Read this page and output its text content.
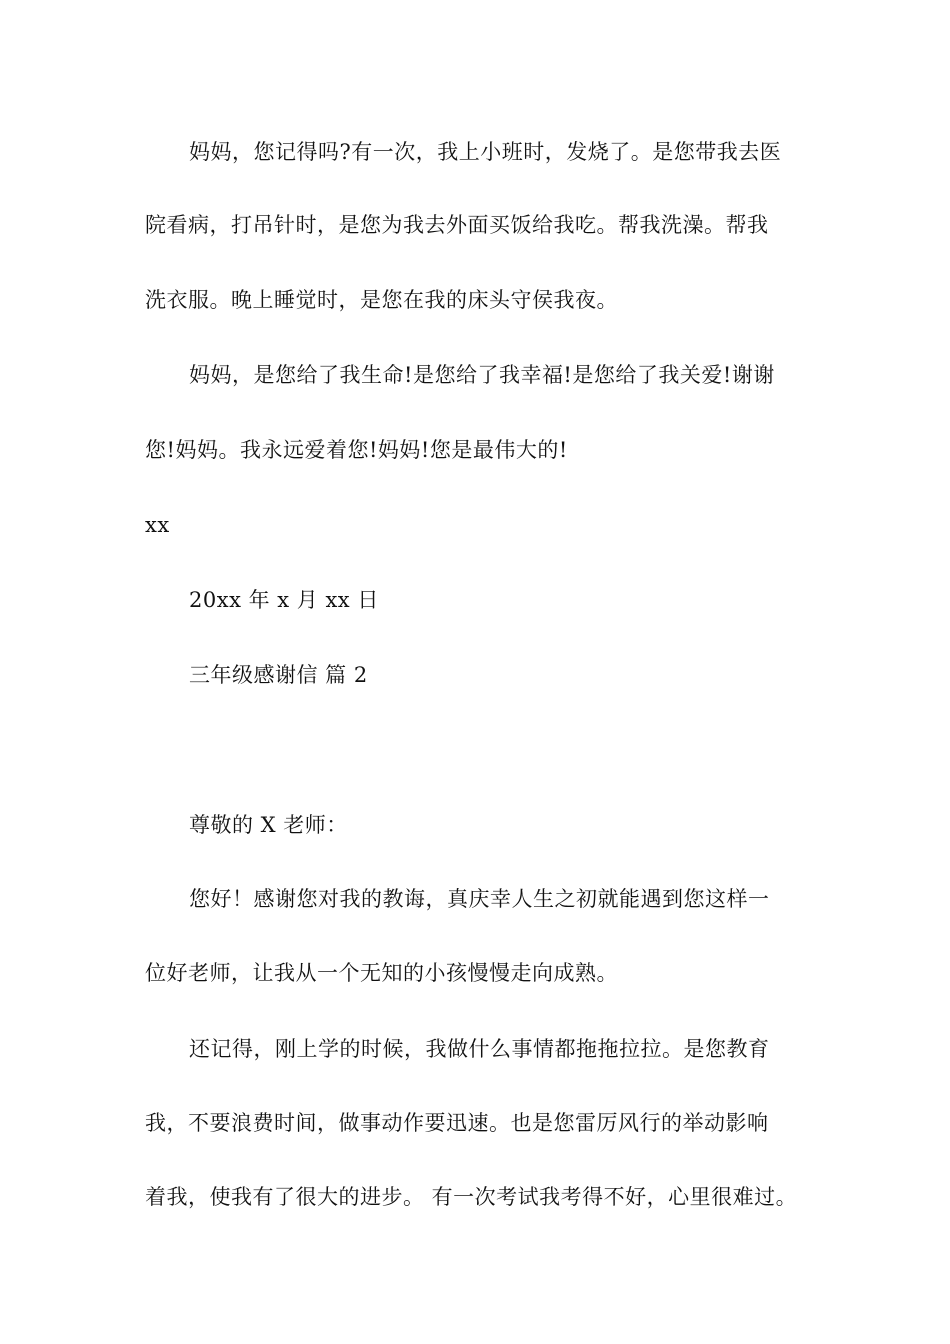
妈妈，您记得吗?有一次，我上小班时，发烧了。是您带我去医
院看病，打吊针时，是您为我去外面买饭给我吃。帮我洗澡。帮我
洗衣服。晚上睡觉时，是您在我的床头守侯我夜。
妈妈，是您给了我生命!是您给了我幸福!是您给了我关爱!谢谢
您!妈妈。我永远爱着您!妈妈!您是最伟大的!
xx
20xx 年 x 月 xx 日
三年级感谢信 篇 2
尊敬的 X 老师：
您好！感谢您对我的教诲，真庆幸人生之初就能遇到您这样一
位好老师，让我从一个无知的小孩慢慢走向成熟。
还记得，刚上学的时候，我做什么事情都拖拖拉拉。是您教育
我，不要浪费时间，做事动作要迅速。也是您雷厉风行的举动影响
着我，使我有了很大的进步。 有一次考试我考得不好，心里很难过。
